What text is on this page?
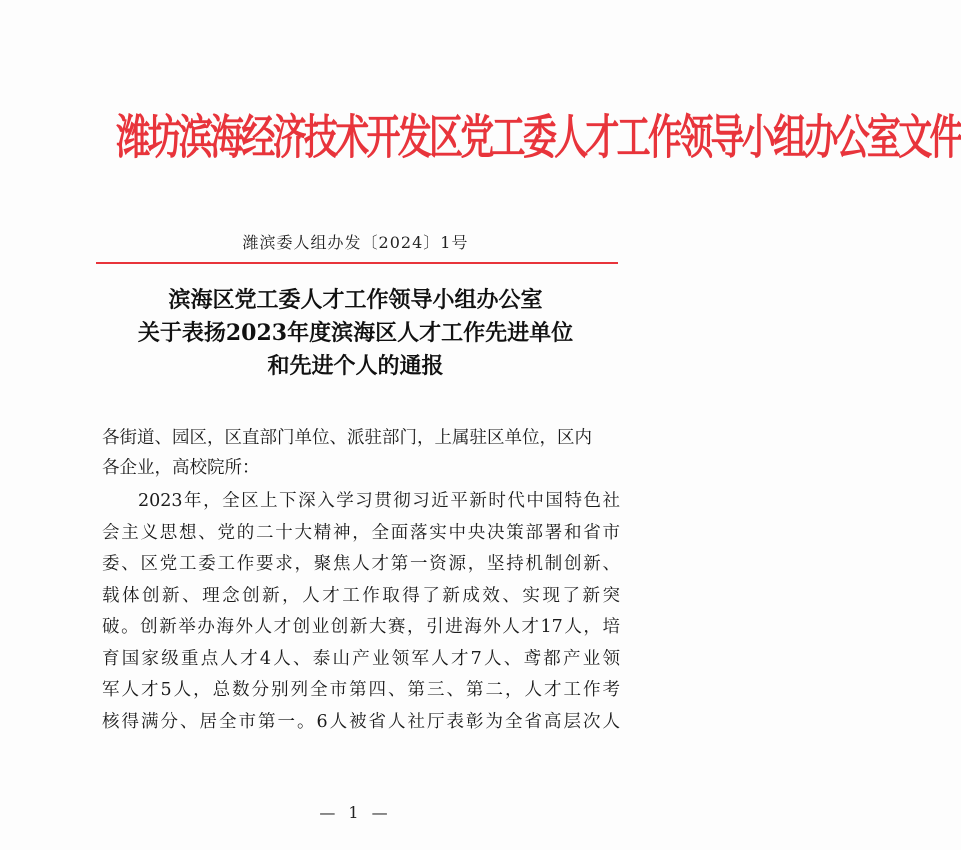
潍坊滨海经济技术开发区党工委人才工作领导小组办公室文件
潍滨委人组办发〔2024〕1号
滨海区党工委人才工作领导小组办公室
关于表扬2023年度滨海区人才工作先进单位
和先进个人的通报
各街道、园区，区直部门单位、派驻部门，上属驻区单位，区内
各企业，高校院所：
2023年，全区上下深入学习贯彻习近平新时代中国特色社
会主义思想、党的二十大精神，全面落实中央决策部署和省市
委、区党工委工作要求，聚焦人才第一资源，坚持机制创新、
载体创新、理念创新，人才工作取得了新成效、实现了新突
破。创新举办海外人才创业创新大赛，引进海外人才17人，培
育国家级重点人才4人、泰山产业领军人才7人、鸢都产业领
军人才5人，总数分别列全市第四、第三、第二，人才工作考
核得满分、居全市第一。6人被省人社厅表彰为全省高层次人
— 1 —
